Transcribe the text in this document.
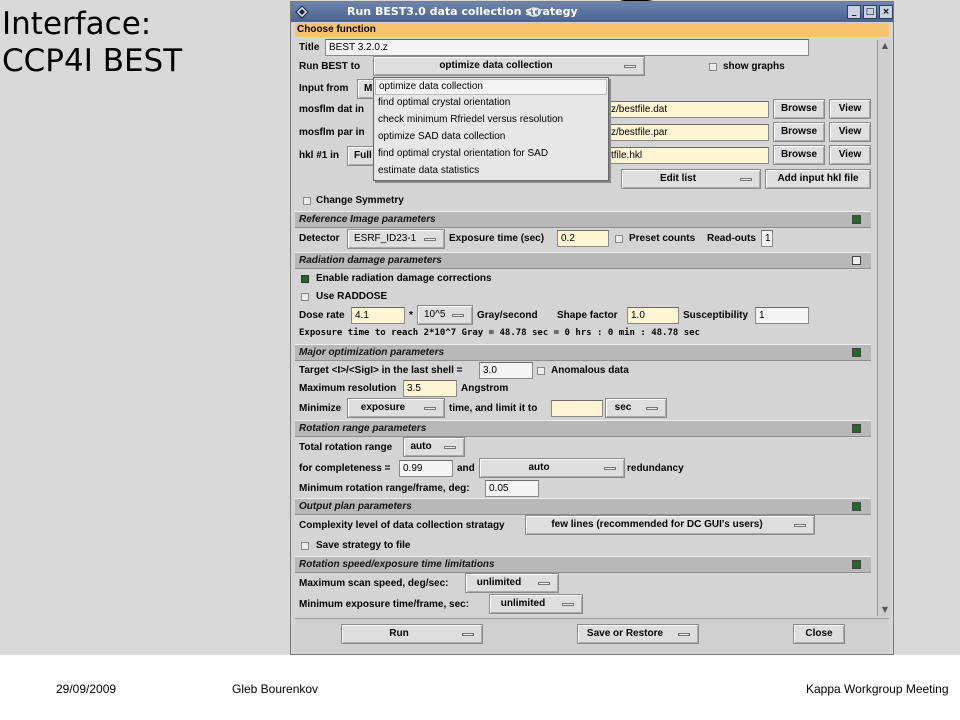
Interface:
CCP4I BEST
Run BEST3.0 data collection strategy	_	□ ×
Choose function
Title BEST 3.2.0.z
Run BEST to	optimize data collection	show graphs
Input from	M
mosflm dat in	z/bestfile.dat	Browse	View
mosflm par in	z/bestfile.par	Browse	View
hkl #1 in	Full	tfile.hkl	Browse	View
Edit list	Add input hkl file
Change Symmetry
Reference Image parameters
Detector	ESRF_ID23-1	Exposure time (sec)	0.2	Preset counts Read-outs 1
Radiation damage parameters
Enable radiation damage corrections
Use RADDOSE
Dose rate	4.1	*	10^5	Gray/second Shape factor	1.0	Susceptibility	1
Exposure time to reach 2*10^7 Gray = 48.78 sec = 0 hrs : 0 min : 48.78 sec
Major optimization parameters
Target <I>/<SigI> in the last shell =	3.0	Anomalous data
Maximum resolution	3.5	Angstrom
Minimize	exposure	time, and limit it to	sec
Rotation range parameters
Total rotation range	auto
for completeness =	0.99	and	auto	redundancy
Minimum rotation range/frame, deg:	0.05
Output plan parameters
Complexity level of data collection stratagy	few lines (recommended for DC GUI's users)
Save strategy to file
Rotation speed/exposure time limitations
Maximum scan speed, deg/sec:	unlimited
Minimum exposure time/frame, sec:	unlimited
▲
▼
Run	Save or Restore	Close
optimize data collection
find optimal crystal orientation
check minimum Rfriedel versus resolution
optimize SAD data collection
find optimal crystal orientation for SAD
estimate data statistics
29/09/2009	Gleb Bourenkov	Kappa Workgroup Meeting
